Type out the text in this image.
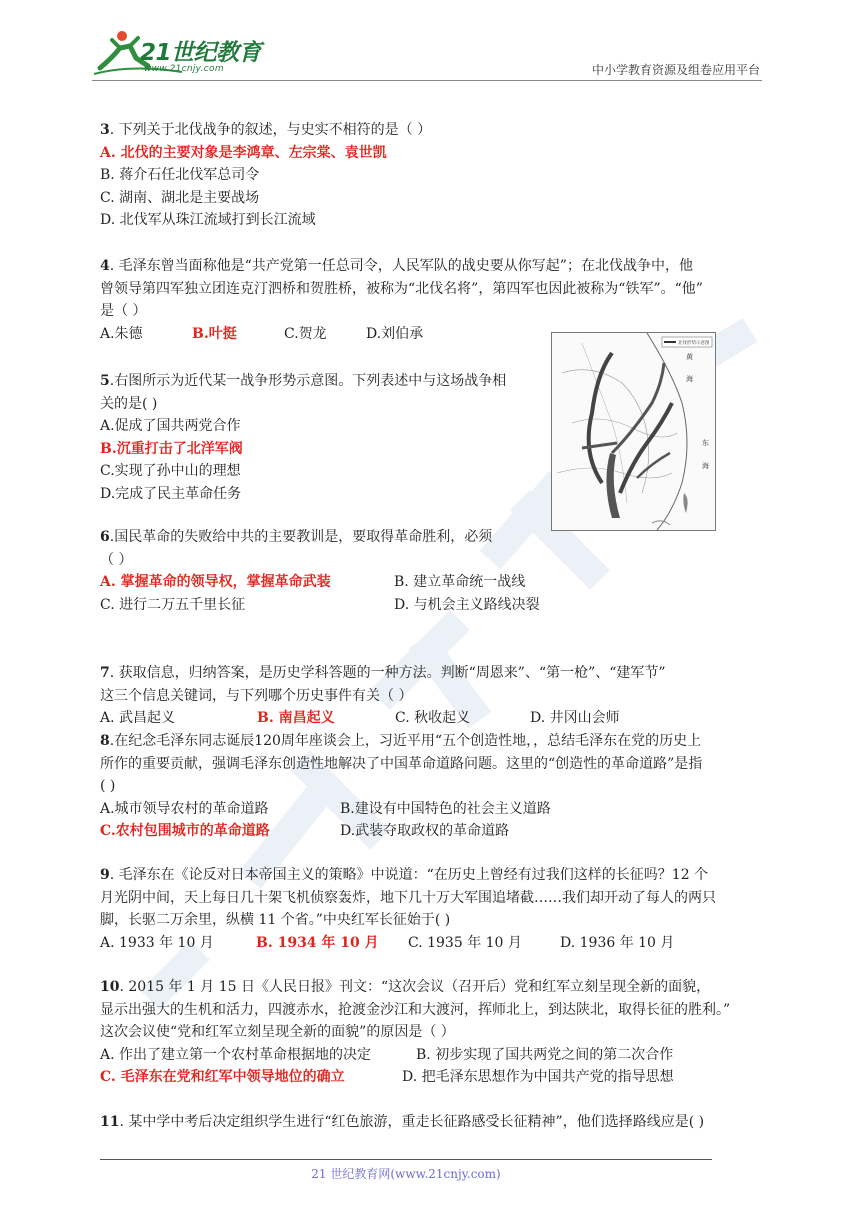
21世纪教育
www.21cnjy.com	中小学教育资源及组卷应用平台

3. 下列关于北伐战争的叙述，与史实不相符的是（ ）

A. 北伐的主要对象是李鸿章、左宗棠、袁世凯

B. 蒋介石任北伐军总司令

C. 湖南、湖北是主要战场

D. 北伐军从珠江流域打到长江流域

4. 毛泽东曾当面称他是“共产党第一任总司令，人民军队的战史要从你写起”；在北伐战争中，他

曾领导第四军独立团连克汀泗桥和贺胜桥，被称为“北伐名将”，第四军也因此被称为“铁军”。“他”

是（ ）

A.朱德	B.叶挺	C.贺龙	D.刘伯承

5.右图所示为近代某一战争形势示意图。下列表述中与这场战争相

关的是( )

A.促成了国共两党合作

B.沉重打击了北洋军阀

C.实现了孙中山的理想

D.完成了民主革命任务

北伐形势示意图
黄
海
东
海

6.国民革命的失败给中共的主要教训是，要取得革命胜利，必须

（ ）

A. 掌握革命的领导权，掌握革命武装	B. 建立革命统一战线
C. 进行二万五千里长征	D. 与机会主义路线决裂

7. 获取信息，归纳答案，是历史学科答题的一种方法。判断“周恩来”、“第一枪”、“建军节”

这三个信息关键词，与下列哪个历史事件有关（ ）

A. 武昌起义	B. 南昌起义	C. 秋收起义	D. 井冈山会师

8.在纪念毛泽东同志诞辰120周年座谈会上，习近平用“五个创造性地，，总结毛泽东在党的历史上

所作的重要贡献，强调毛泽东创造性地解决了中国革命道路问题。这里的“创造性的革命道路”是指

( )

A.城市领导农村的革命道路	B.建设有中国特色的社会主义道路
C.农村包围城市的革命道路	D.武装夺取政权的革命道路

9. 毛泽东在《论反对日本帝国主义的策略》中说道：“在历史上曾经有过我们这样的长征吗？12 个

月光阴中间，天上每日几十架飞机侦察轰炸，地下几十万大军围追堵截……我们却开动了每人的两只

脚，长驱二万余里，纵横 11 个省。”中央红军长征始于( )

A. 1933 年 10 月	B. 1934 年 10 月	C. 1935 年 10 月	D. 1936 年 10 月

10. 2015 年 1 月 15 日《人民日报》刊文：“这次会议（召开后）党和红军立刻呈现全新的面貌，

显示出强大的生机和活力，四渡赤水，抢渡金沙江和大渡河，挥师北上，到达陕北，取得长征的胜利。”

这次会议使“党和红军立刻呈现全新的面貌”的原因是（ ）

A. 作出了建立第一个农村革命根据地的决定	B. 初步实现了国共两党之间的第二次合作
C. 毛泽东在党和红军中领导地位的确立	D. 把毛泽东思想作为中国共产党的指导思想

11. 某中学中考后决定组织学生进行“红色旅游，重走长征路感受长征精神”，他们选择路线应是( )

21 世纪教育网(www.21cnjy.com)
